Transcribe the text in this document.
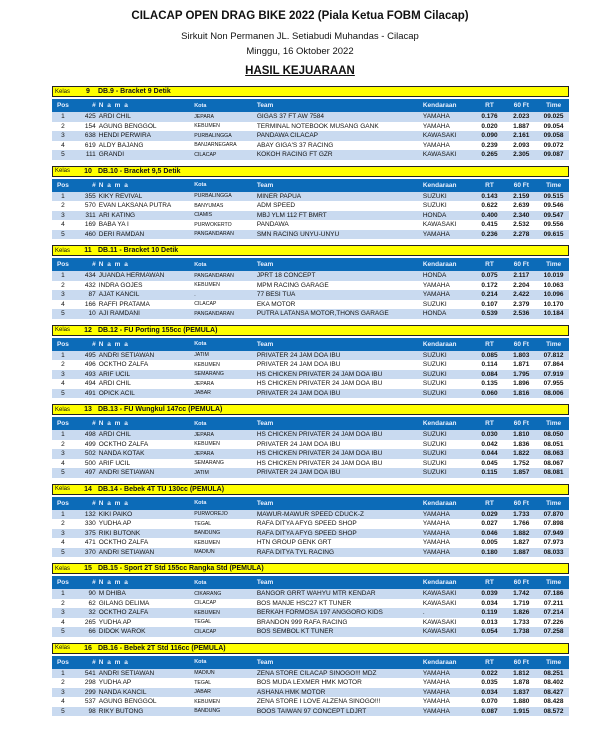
CILACAP OPEN DRAG BIKE 2022 (Piala Ketua FOBM Cilacap)
Sirkuit Non Permanen JL. Setiabudi Muhandas - Cilacap
Minggu, 16 Oktober 2022
HASIL KEJUARAAN
Kelas	9	DB.9 - Bracket 9 Detik
Pos	# N a m a	Kota	Team	Kendaraan	RT	60 Ft	Time
1	425 ARDI CHIL	JEPARA	GIGAS 37 FT AW 7584	YAMAHA	0.176	2.023	09.025
2	154 AGUNG BENGGOL	KEBUMEN	TERMINAL NOTEBOOK MUSANG GANK	YAMAHA	0.020	1.887	09.054
3	638 HENDI PERWIRA	PURBALINGGA	PANDAWA CILACAP	KAWASAKI	0.090	2.161	09.058
4	619 ALDY BAJANG	BANJARNEGARA	ABAY GIGA'S 37 RACING	YAMAHA	0.239	2.093	09.072
5	111 GRANDI	CILACAP	KOKOH RACING FT GZR	KAWASAKI	0.265	2.305	09.087
Kelas	10 DB.10 - Bracket 9,5 Detik
Pos	# N a m a	Kota	Team	Kendaraan	RT	60 Ft	Time
1	355 KIKY REVIVAL	PURBALINGGA	MINER PAPUA	SUZUKI	0.143	2.159	09.515
2	570 EVAN LAKSANA PUTRA	BANYUMAS	ADM SPEED	SUZUKI	0.622	2.639	09.546
3	311 ARI KATING	CIAMIS	MBJ YLM 112 FT BMRT	HONDA	0.400	2.340	09.547
4	169 BABA YA I	PURWOKERTO	PANDAWA	KAWASAKI	0.415	2.532	09.556
5	460 DERI RAMDAN	PANGANDARAN	SMN RACING UNYU-UNYU	YAMAHA	0.236	2.278	09.615
Kelas	11 DB.11 - Bracket 10 Detik
Pos	# N a m a	Kota	Team	Kendaraan	RT	60 Ft	Time
1	434 JUANDA HERMAWAN	PANGANDARAN	JPRT 18 CONCEPT	HONDA	0.075	2.117	10.019
2	432 INDRA GOJES	KEBUMEN	MPM RACING GARAGE	YAMAHA	0.172	2.204	10.063
3	87 AJAT KANCIL	.	77 BESI TUA	YAMAHA	0.214	2.422	10.096
4	166 RAFFI PRATAMA	CILACAP	EKA MOTOR	SUZUKI	0.107	2.379	10.170
5	10 AJI RAMDANI	PANGANDARAN	PUTRA LATANSA MOTOR,THONS GARAGE	HONDA	0.539	2.536	10.184
Kelas	12 DB.12 - FU Porting 155cc (PEMULA)
Pos	# N a m a	Kota	Team	Kendaraan	RT	60 Ft	Time
1	495 ANDRI SETIAWAN	JATIM	PRIVATER 24 JAM DOA IBU	SUZUKI	0.085	1.803	07.812
2	496 OCKTHO ZALFA	KEBUMEN	PRIVATER 24 JAM DOA IBU	SUZUKI	0.114	1.871	07.864
3	493 ARIF UCIL	SEMARANG	HS CHICKEN PRIVATER 24 JAM DOA IBU	SUZUKI	0.084	1.795	07.919
4	494 ARDI CHIL	JEPARA	HS CHICKEN PRIVATER 24 JAM DOA IBU	SUZUKI	0.135	1.896	07.955
5	491 OPICK ACIL	JABAR	PRIVATER 24 JAM DOA IBU	SUZUKI	0.060	1.816	08.006
Kelas	13 DB.13 - FU Wungkul 147cc (PEMULA)
Pos	# N a m a	Kota	Team	Kendaraan	RT	60 Ft	Time
1	498 ARDI CHIL	JEPARA	HS CHICKEN PRIVATER 24 JAM DOA IBU	SUZUKI	0.030	1.810	08.050
2	499 OCKTHO ZALFA	KEBUMEN	PRIVATER 24 JAM DOA IBU	SUZUKI	0.042	1.836	08.051
3	502 NANDA KOTAK	JEPARA	HS CHICKEN PRIVATER 24 JAM DOA IBU	SUZUKI	0.044	1.822	08.063
4	500 ARIF UCIL	SEMARANG	HS CHICKEN PRIVATER 24 JAM DOA IBU	SUZUKI	0.045	1.752	08.067
5	497 ANDRI SETIAWAN	JATIM	PRIVATER 24 JAM DOA IBU	SUZUKI	0.115	1.857	08.081
Kelas	14 DB.14 - Bebek 4T TU 130cc (PEMULA)
Pos	# N a m a	Kota	Team	Kendaraan	RT	60 Ft	Time
1	132 KIKI PAIKO	PURWOREJO	MAWUR-MAWUR SPEED CDUCK-Z	YAMAHA	0.029	1.733	07.870
2	330 YUDHA AP	TEGAL	RAFA DITYA AFYG SPEED SHOP	YAMAHA	0.027	1.766	07.898
3	375 RIKI BUTONK	BANDUNG	RAFA DITYA AFYG SPEED SHOP	YAMAHA	0.046	1.882	07.949
4	471 OCKTHO ZALFA	KEBUMEN	HTN GROUP GENK GRT	YAMAHA	0.005	1.827	07.973
5	370 ANDRI SETIAWAN	MADIUN	RAFA DITYA TYL RACING	YAMAHA	0.180	1.887	08.033
Kelas	15 DB.15 - Sport 2T Std 155cc Rangka Std (PEMULA)
Pos	# N a m a	Kota	Team	Kendaraan	RT	60 Ft	Time
1	90 M DHIBA	CIKARANG	BANGOR GRRT WAHYU MTR KENDAR	KAWASAKI	0.039	1.742	07.186
2	62 GILANG DELIMA	CILACAP	BOS MANJE HSC27 KT TUNER	KAWASAKI	0.034	1.719	07.211
3	32 OCKTHO ZALFA	KEBUMEN	BERKAH FORMOSA 197 ANGGORO KIDS	.	0.119	1.826	07.214
4	265 YUDHA AP	TEGAL	BRANDON 999 RAFA RACING	KAWASAKI	0.013	1.733	07.226
5	66 DIDOK WAROK	CILACAP	BOS SEMBOL KT TUNER	KAWASAKI	0.054	1.738	07.258
Kelas	16 DB.16 - Bebek 2T Std 116cc (PEMULA)
Pos	# N a m a	Kota	Team	Kendaraan	RT	60 Ft	Time
1	541 ANDRI SETIAWAN	MADIUN	ZENA STORE CILACAP SINOGO!!! MDZ	YAMAHA	0.022	1.812	08.251
2	298 YUDHA AP	TEGAL	BOS MUDA LEXMER HMK MOTOR	YAMAHA	0.035	1.878	08.402
3	299 NANDA KANCIL	JABAR	ASHANA HMK MOTOR	YAMAHA	0.034	1.837	08.427
4	537 AGUNG BENGGOL	KEBUMEN	ZENA STORE I LOVE ALZENA SINOGO!!!	YAMAHA	0.070	1.880	08.428
5	98 RIKY BUTONG	BANDUNG	BOOS TAIWAN 97 CONCEPT LDJRT	YAMAHA	0.087	1.915	08.572
